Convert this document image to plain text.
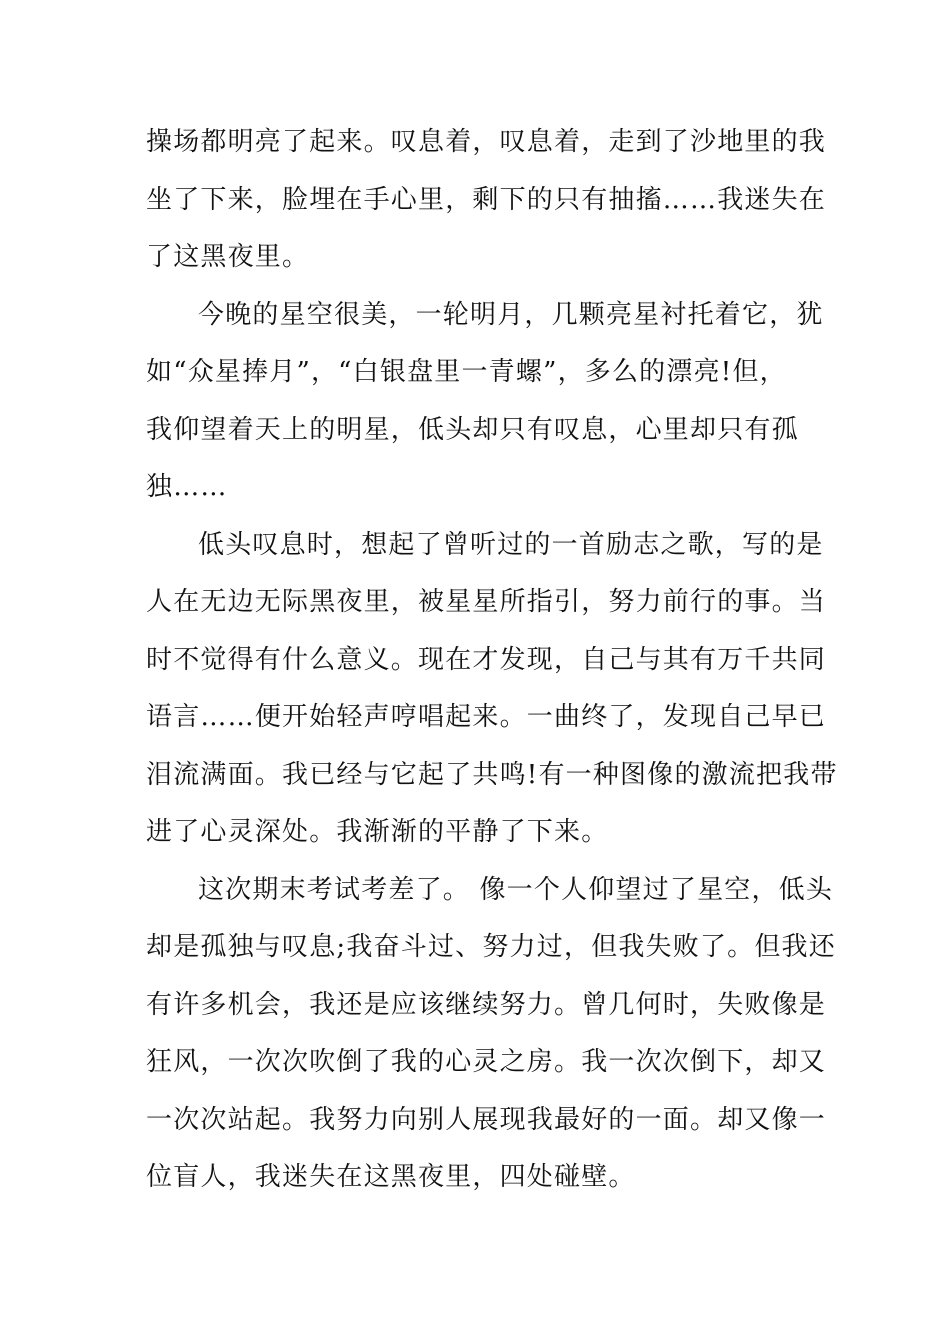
操场都明亮了起来。叹息着，叹息着，走到了沙地里的我
坐了下来，脸埋在手心里，剩下的只有抽搐……我迷失在
了这黑夜里。
今晚的星空很美，一轮明月，几颗亮星衬托着它，犹
如“众星捧月”，“白银盘里一青螺”，多么的漂亮!但，
我仰望着天上的明星，低头却只有叹息，心里却只有孤
独……
低头叹息时，想起了曾听过的一首励志之歌，写的是
人在无边无际黑夜里，被星星所指引，努力前行的事。当
时不觉得有什么意义。现在才发现，自己与其有万千共同
语言……便开始轻声哼唱起来。一曲终了，发现自己早已
泪流满面。我已经与它起了共鸣!有一种图像的激流把我带
进了心灵深处。我渐渐的平静了下来。
这次期末考试考差了。 像一个人仰望过了星空，低头
却是孤独与叹息;我奋斗过、努力过，但我失败了。但我还
有许多机会，我还是应该继续努力。曾几何时，失败像是
狂风，一次次吹倒了我的心灵之房。我一次次倒下，却又
一次次站起。我努力向别人展现我最好的一面。却又像一
位盲人，我迷失在这黑夜里，四处碰壁。
